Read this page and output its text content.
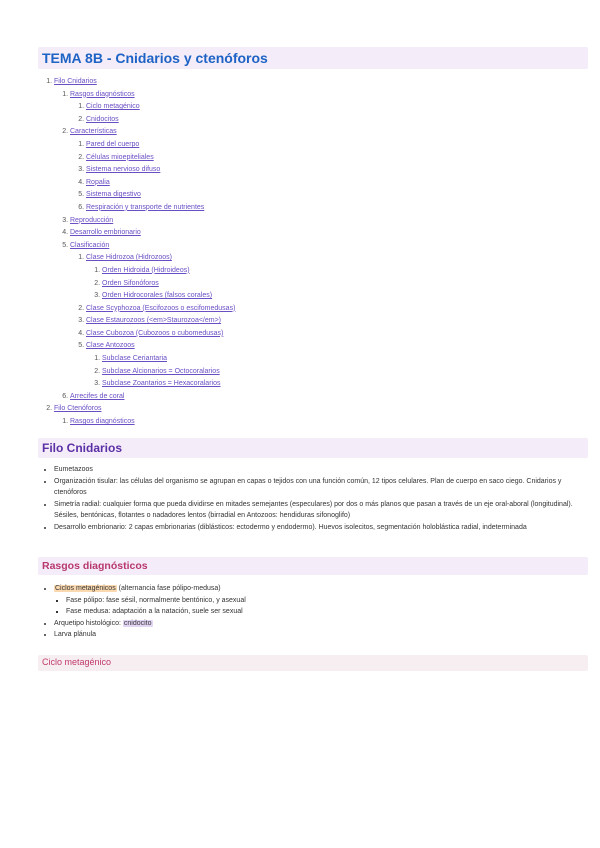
TEMA 8B - Cnidarios y ctenóforos
1. Filo Cnidarios
1. Rasgos diagnósticos
1. Ciclo metagénico
2. Cnidocitos
2. Características
1. Pared del cuerpo
2. Células mioepiteliales
3. Sistema nervioso difuso
4. Ropalia
5. Sistema digestivo
6. Respiración y transporte de nutrientes
3. Reproducción
4. Desarrollo embrionario
5. Clasificación
1. Clase Hidrozoa (Hidrozoos)
1. Orden Hidroida (Hidroideos)
2. Orden Sifonóforos
3. Orden Hidrocorales (falsos corales)
2. Clase Scyphozoa (Escifozoos o escifomedusas)
3. Clase Estaurozoos (<em>Staurozoa</em>)
4. Clase Cubozoa (Cubozoos o cubomedusas)
5. Clase Antozoos
1. Subclase Ceriantaria
2. Subclase Alcionarios = Octocoralarios
3. Subclase Zoantarios = Hexacoralarios
6. Arrecifes de coral
2. Filo Ctenóforos
1. Rasgos diagnósticos
Filo Cnidarios
• Eumetazoos
• Organización tisular: las células del organismo se agrupan en capas o tejidos con una función común, 12 tipos celulares. Plan de cuerpo en saco ciego. Cnidarios y ctenóforos
• Simetría radial: cualquier forma que pueda dividirse en mitades semejantes (especulares) por dos o más planos que pasan a través de un eje oral-aboral (longitudinal). Sésiles, bentónicas, flotantes o nadadores lentos (birradial en Antozoos: hendiduras sifonoglifo)
• Desarrollo embrionario: 2 capas embrionarias (diblásticos: ectodermo y endodermo). Huevos isolecitos, segmentación holoblástica radial, indeterminada
Rasgos diagnósticos
• Ciclos metagénicos (alternancia fase pólipo-medusa)
▪ Fase pólipo: fase sésil, normalmente bentónico, y asexual
▪ Fase medusa: adaptación a la natación, suele ser sexual
• Arquetipo histológico: cnidocito
• Larva plánula
Ciclo metagénico
